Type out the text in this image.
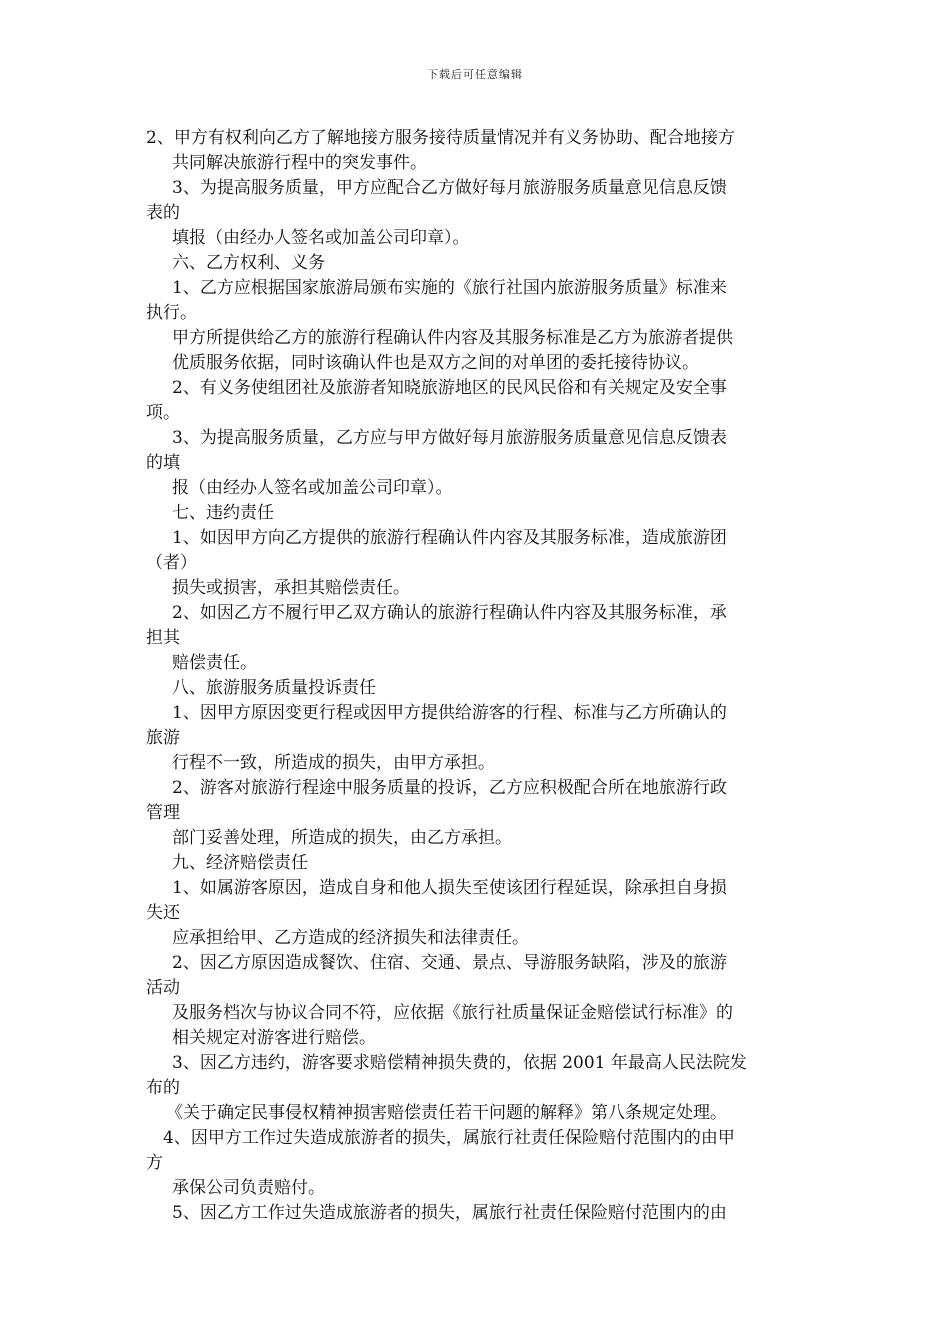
下载后可任意编辑
2、甲方有权利向乙方了解地接方服务接待质量情况并有义务协助、配合地接方
共同解决旅游行程中的突发事件。
3、为提高服务质量，甲方应配合乙方做好每月旅游服务质量意见信息反馈
表的
填报（由经办人签名或加盖公司印章）。
六、乙方权利、义务
1、乙方应根据国家旅游局颁布实施的《旅行社国内旅游服务质量》标准来
执行。
甲方所提供给乙方的旅游行程确认件内容及其服务标准是乙方为旅游者提供
优质服务依据，同时该确认件也是双方之间的对单团的委托接待协议。
2、有义务使组团社及旅游者知晓旅游地区的民风民俗和有关规定及安全事
项。
3、为提高服务质量，乙方应与甲方做好每月旅游服务质量意见信息反馈表
的填
报（由经办人签名或加盖公司印章）。
七、违约责任
1、如因甲方向乙方提供的旅游行程确认件内容及其服务标准，造成旅游团
（者）
损失或损害，承担其赔偿责任。
2、如因乙方不履行甲乙双方确认的旅游行程确认件内容及其服务标准，承
担其
赔偿责任。
八、旅游服务质量投诉责任
1、因甲方原因变更行程或因甲方提供给游客的行程、标准与乙方所确认的
旅游
行程不一致，所造成的损失，由甲方承担。
2、游客对旅游行程途中服务质量的投诉，乙方应积极配合所在地旅游行政
管理
部门妥善处理，所造成的损失，由乙方承担。
九、经济赔偿责任
1、如属游客原因，造成自身和他人损失至使该团行程延误，除承担自身损
失还
应承担给甲、乙方造成的经济损失和法律责任。
2、因乙方原因造成餐饮、住宿、交通、景点、导游服务缺陷，涉及的旅游
活动
及服务档次与协议合同不符，应依据《旅行社质量保证金赔偿试行标准》的
相关规定对游客进行赔偿。
3、因乙方违约，游客要求赔偿精神损失费的，依据 2001 年最高人民法院发
布的
《关于确定民事侵权精神损害赔偿责任若干问题的解释》第八条规定处理。
4、因甲方工作过失造成旅游者的损失，属旅行社责任保险赔付范围内的由甲
方
承保公司负责赔付。
5、因乙方工作过失造成旅游者的损失，属旅行社责任保险赔付范围内的由
